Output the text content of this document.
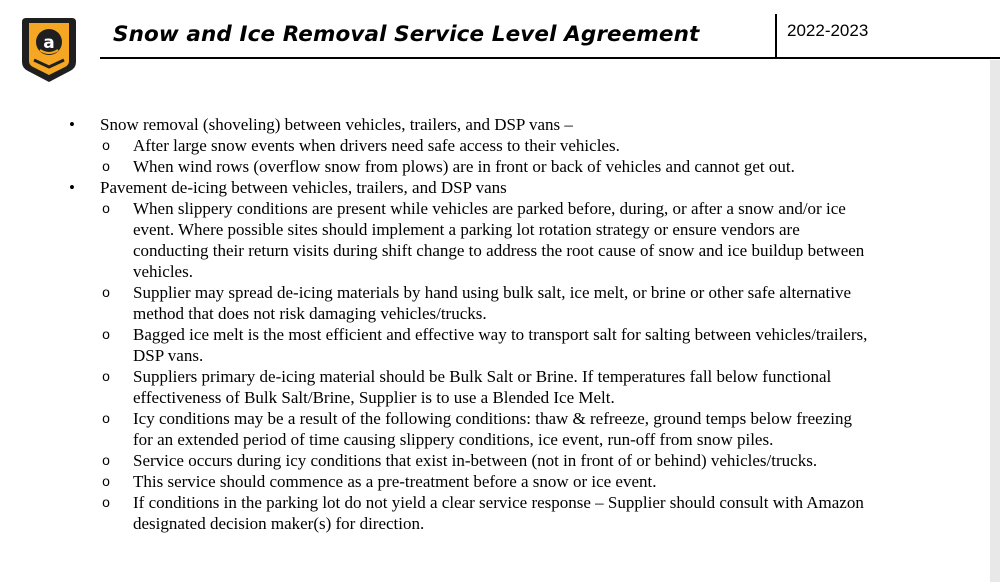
a	Snow and Ice Removal Service Level Agreement	2022-2023
• Snow removal (shoveling) between vehicles, trailers, and DSP vans –
o After large snow events when drivers need safe access to their vehicles.
o When wind rows (overflow snow from plows) are in front or back of vehicles and cannot get out.
• Pavement de-icing between vehicles, trailers, and DSP vans
o When slippery conditions are present while vehicles are parked before, during, or after a snow and/or ice event. Where possible sites should implement a parking lot rotation strategy or ensure vendors are conducting their return visits during shift change to address the root cause of snow and ice buildup between vehicles.
o Supplier may spread de-icing materials by hand using bulk salt, ice melt, or brine or other safe alternative method that does not risk damaging vehicles/trucks.
o Bagged ice melt is the most efficient and effective way to transport salt for salting between vehicles/trailers, DSP vans.
o Suppliers primary de-icing material should be Bulk Salt or Brine. If temperatures fall below functional effectiveness of Bulk Salt/Brine, Supplier is to use a Blended Ice Melt.
o Icy conditions may be a result of the following conditions: thaw & refreeze, ground temps below freezing for an extended period of time causing slippery conditions, ice event, run-off from snow piles.
o Service occurs during icy conditions that exist in-between (not in front of or behind) vehicles/trucks.
o This service should commence as a pre-treatment before a snow or ice event.
o If conditions in the parking lot do not yield a clear service response – Supplier should consult with Amazon designated decision maker(s) for direction.
